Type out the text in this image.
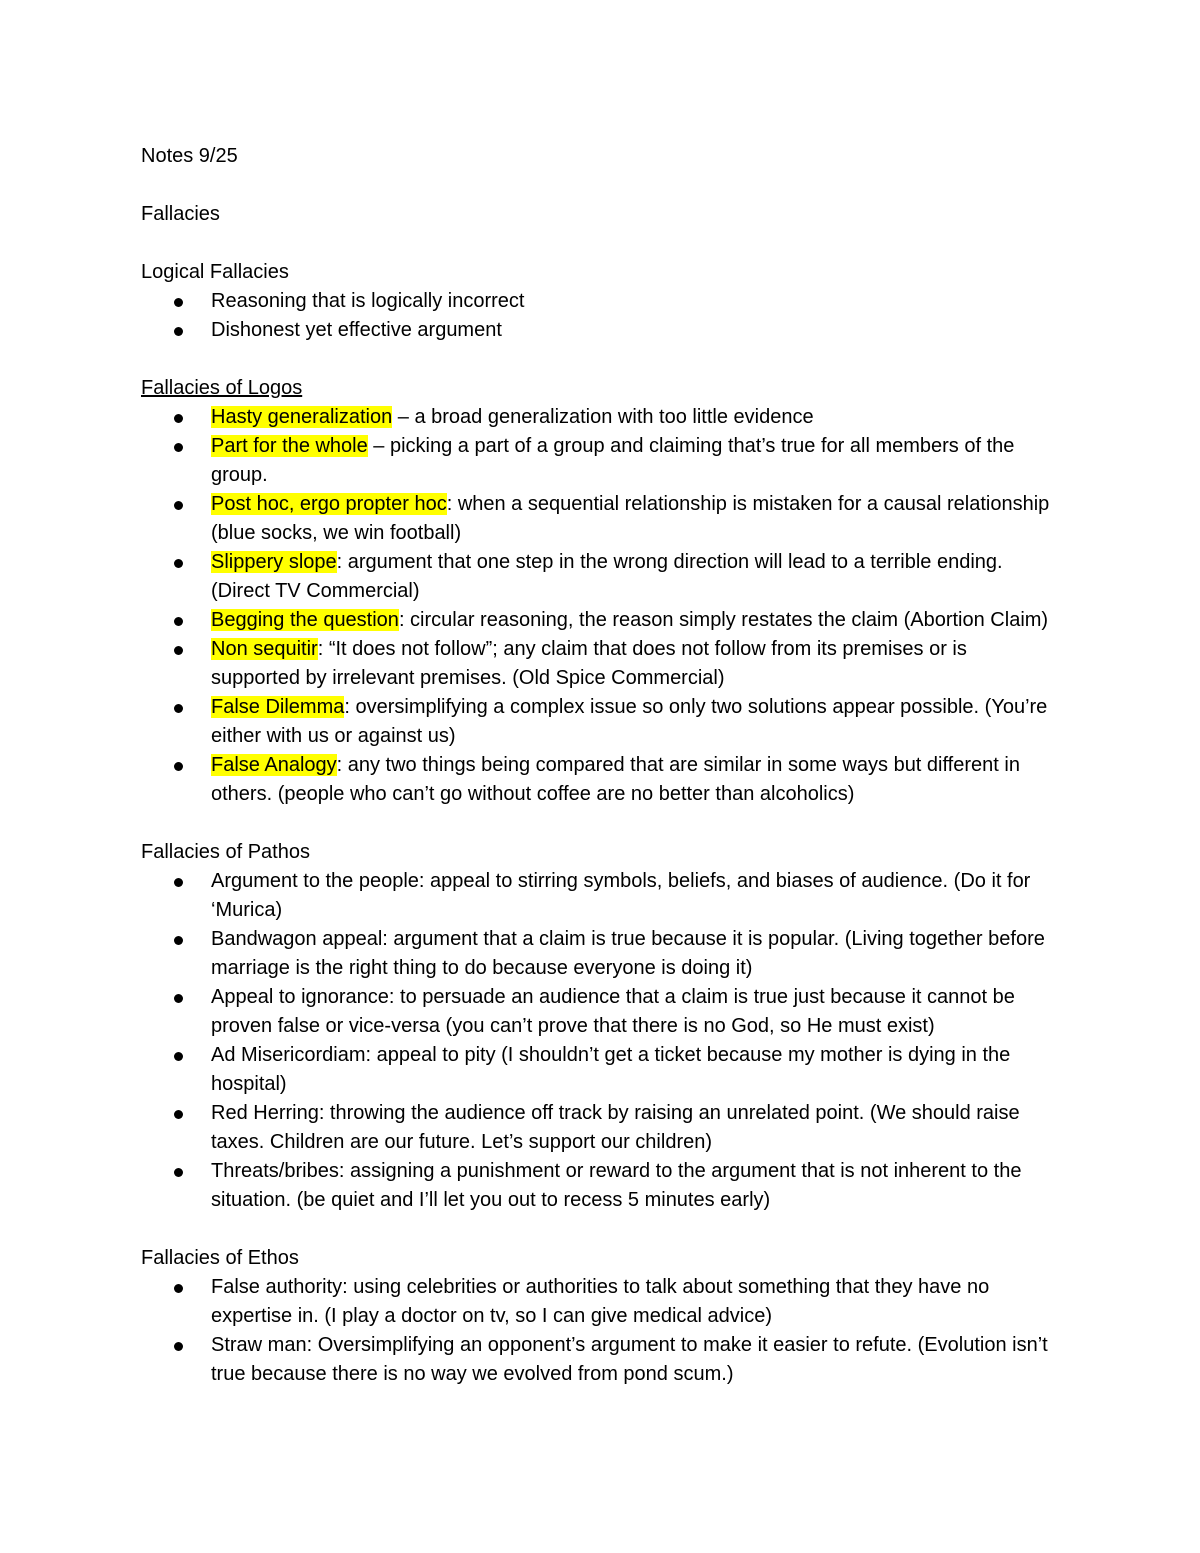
Notes 9/25

Fallacies

Logical Fallacies

Reasoning that is logically incorrect
Dishonest yet effective argument

Fallacies of Logos

Hasty generalization – a broad generalization with too little evidence
Part for the whole – picking a part of a group and claiming that’s true for all members of the group.
Post hoc, ergo propter hoc: when a sequential relationship is mistaken for a causal relationship (blue socks, we win football)
Slippery slope: argument that one step in the wrong direction will lead to a terrible ending. (Direct TV Commercial)
Begging the question: circular reasoning, the reason simply restates the claim (Abortion Claim)
Non sequitir: “It does not follow”; any claim that does not follow from its premises or is supported by irrelevant premises. (Old Spice Commercial)
False Dilemma: oversimplifying a complex issue so only two solutions appear possible. (You’re either with us or against us)
False Analogy: any two things being compared that are similar in some ways but different in others. (people who can’t go without coffee are no better than alcoholics)

Fallacies of Pathos

Argument to the people: appeal to stirring symbols, beliefs, and biases of audience. (Do it for ‘Murica)
Bandwagon appeal: argument that a claim is true because it is popular. (Living together before marriage is the right thing to do because everyone is doing it)
Appeal to ignorance: to persuade an audience that a claim is true just because it cannot be proven false or vice-versa (you can’t prove that there is no God, so He must exist)
Ad Misericordiam: appeal to pity (I shouldn’t get a ticket because my mother is dying in the hospital)
Red Herring: throwing the audience off track by raising an unrelated point. (We should raise taxes. Children are our future. Let’s support our children)
Threats/bribes: assigning a punishment or reward to the argument that is not inherent to the situation. (be quiet and I’ll let you out to recess 5 minutes early)

Fallacies of Ethos

False authority: using celebrities or authorities to talk about something that they have no expertise in. (I play a doctor on tv, so I can give medical advice)
Straw man: Oversimplifying an opponent’s argument to make it easier to refute. (Evolution isn’t true because there is no way we evolved from pond scum.)
